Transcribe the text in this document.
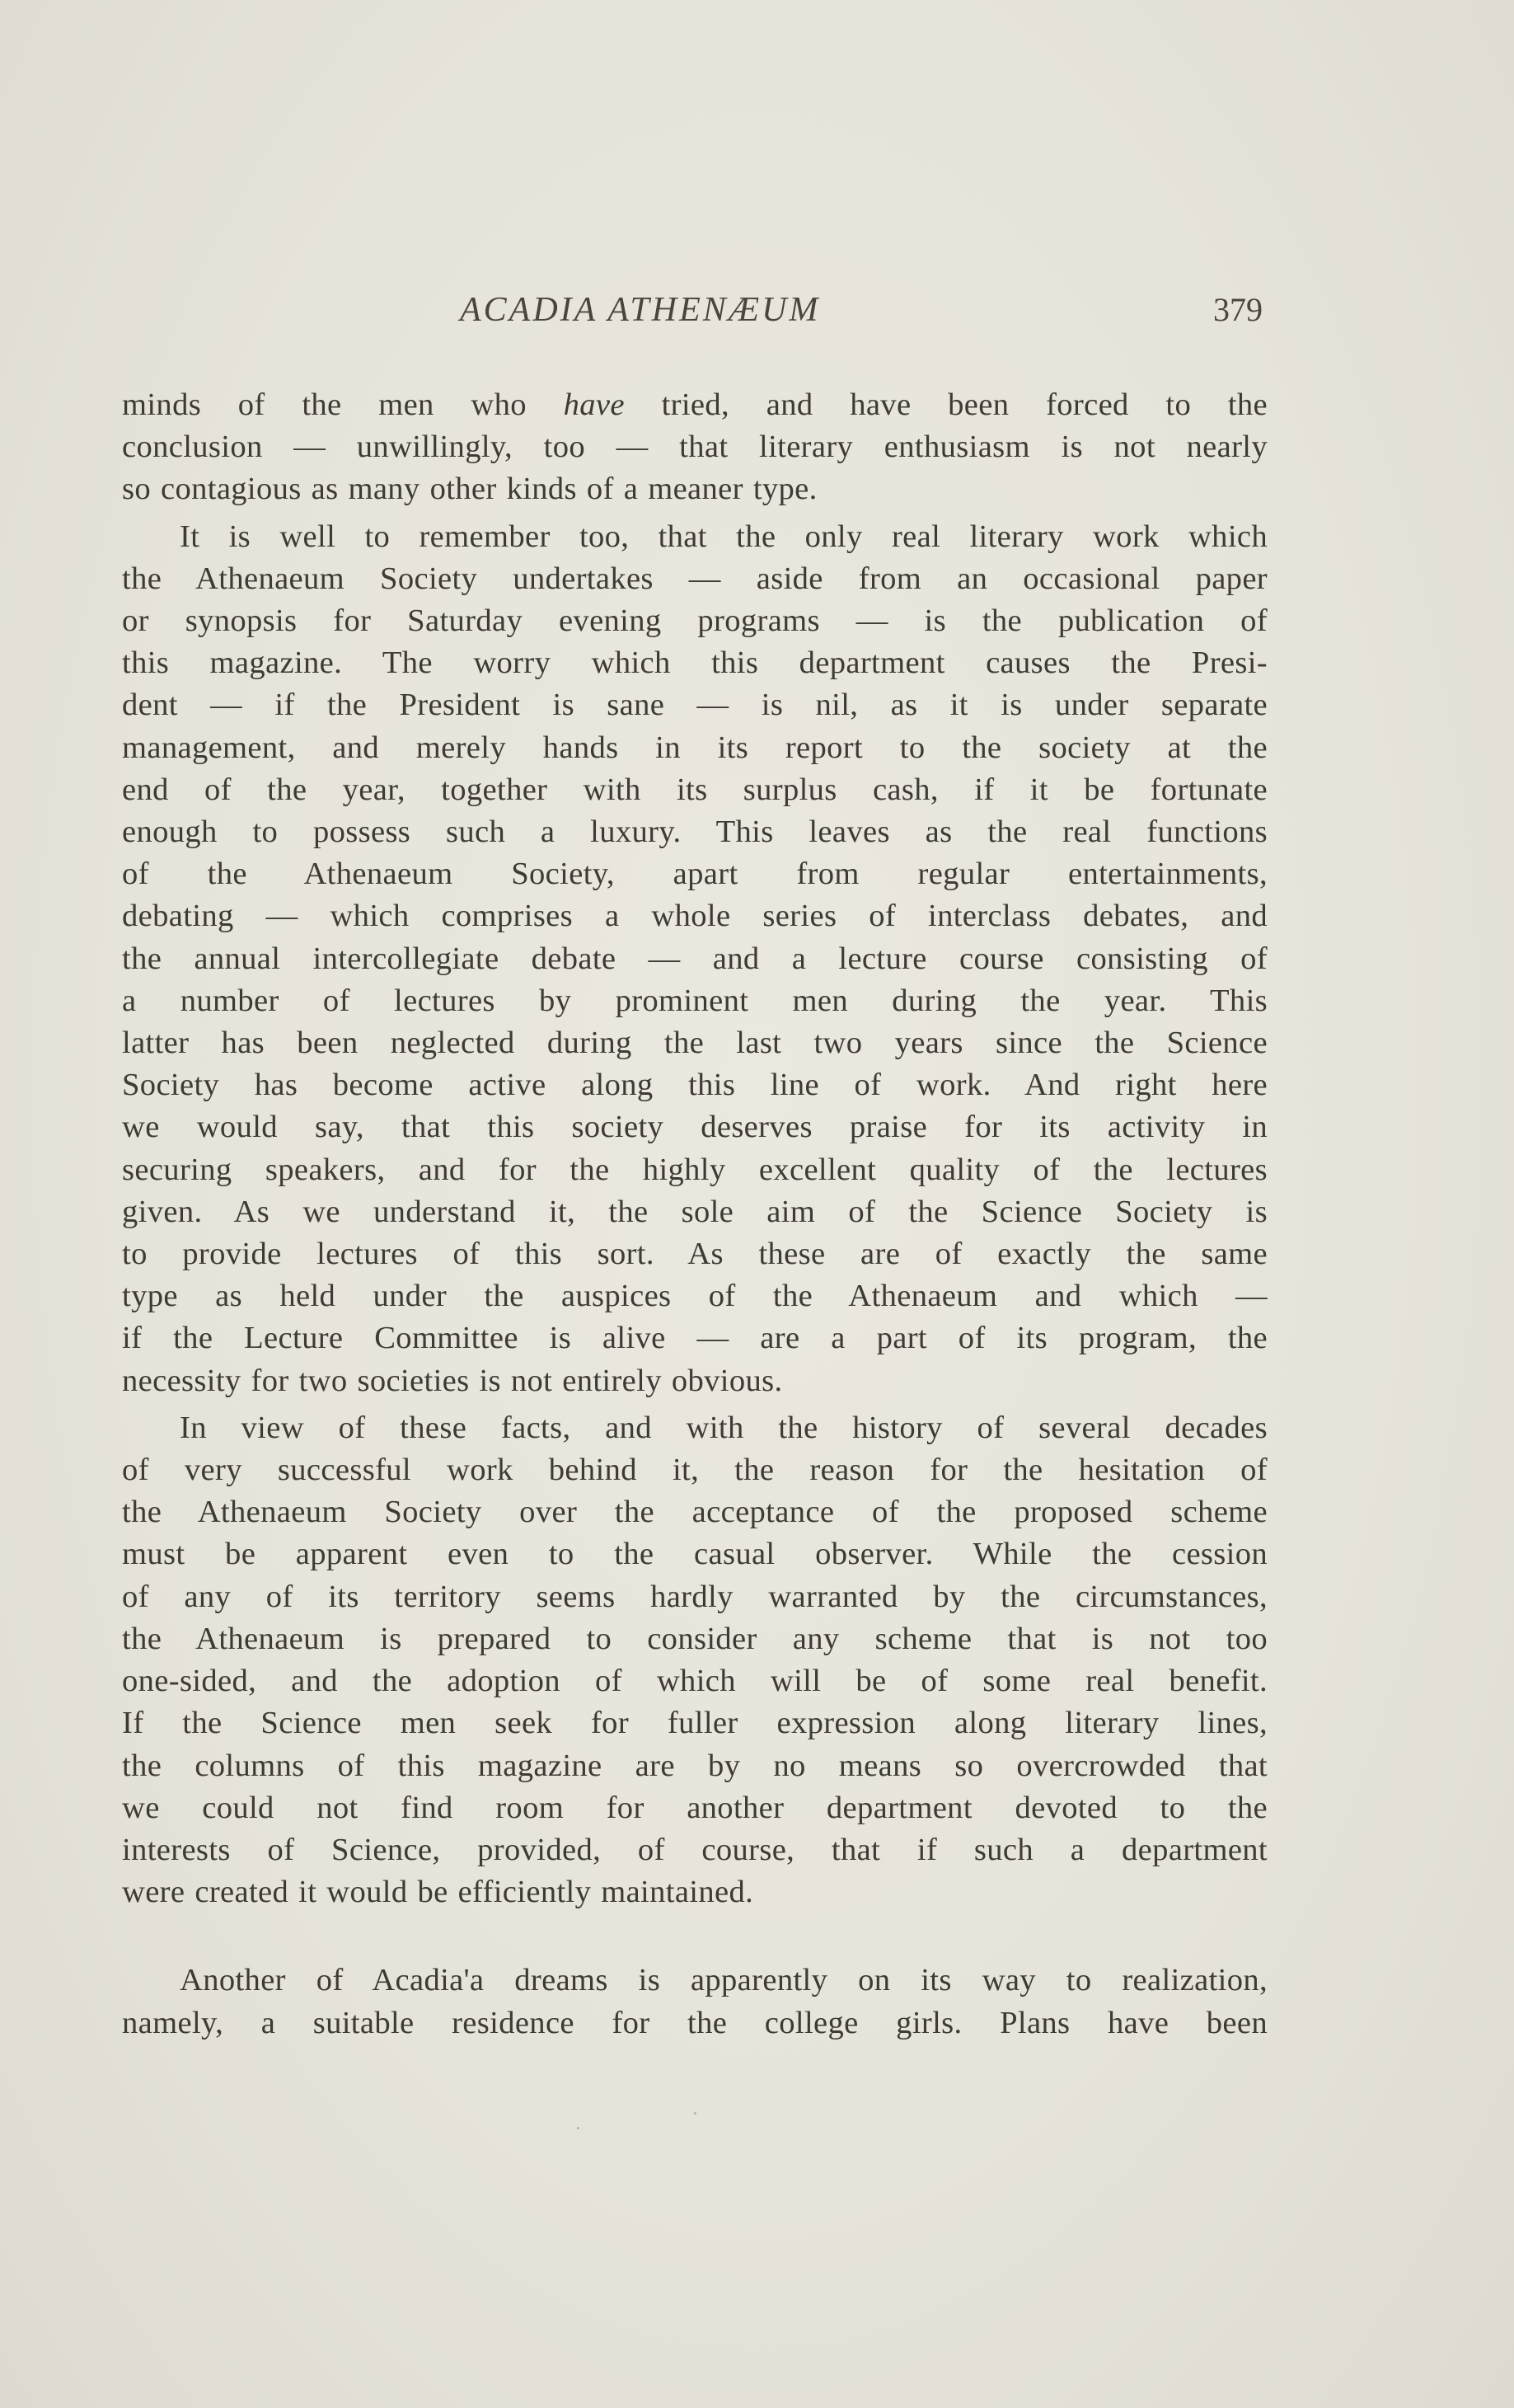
ACADIA ATHENÆUM	379

minds of the men who have tried, and have been forced to the
conclusion — unwillingly, too — that literary enthusiasm is not nearly
so contagious as many other kinds of a meaner type.

It is well to remember too, that the only real literary work which
the Athenaeum Society undertakes — aside from an occasional paper
or synopsis for Saturday evening programs — is the publication of
this magazine. The worry which this department causes the Presi-
dent — if the President is sane — is nil, as it is under separate
management, and merely hands in its report to the society at the
end of the year, together with its surplus cash, if it be fortunate
enough to possess such a luxury. This leaves as the real functions
of the Athenaeum Society, apart from regular entertainments,
debating — which comprises a whole series of interclass debates, and
the annual intercollegiate debate — and a lecture course consisting of
a number of lectures by prominent men during the year. This
latter has been neglected during the last two years since the Science
Society has become active along this line of work. And right here
we would say, that this society deserves praise for its activity in
securing speakers, and for the highly excellent quality of the lectures
given. As we understand it, the sole aim of the Science Society is
to provide lectures of this sort. As these are of exactly the same
type as held under the auspices of the Athenaeum and which —
if the Lecture Committee is alive — are a part of its program, the
necessity for two societies is not entirely obvious.

In view of these facts, and with the history of several decades
of very successful work behind it, the reason for the hesitation of
the Athenaeum Society over the acceptance of the proposed scheme
must be apparent even to the casual observer. While the cession
of any of its territory seems hardly warranted by the circumstances,
the Athenaeum is prepared to consider any scheme that is not too
one-sided, and the adoption of which will be of some real benefit.
If the Science men seek for fuller expression along literary lines,
the columns of this magazine are by no means so overcrowded that
we could not find room for another department devoted to the
interests of Science, provided, of course, that if such a department
were created it would be efficiently maintained.

Another of Acadia'a dreams is apparently on its way to realization,
namely, a suitable residence for the college girls. Plans have been
